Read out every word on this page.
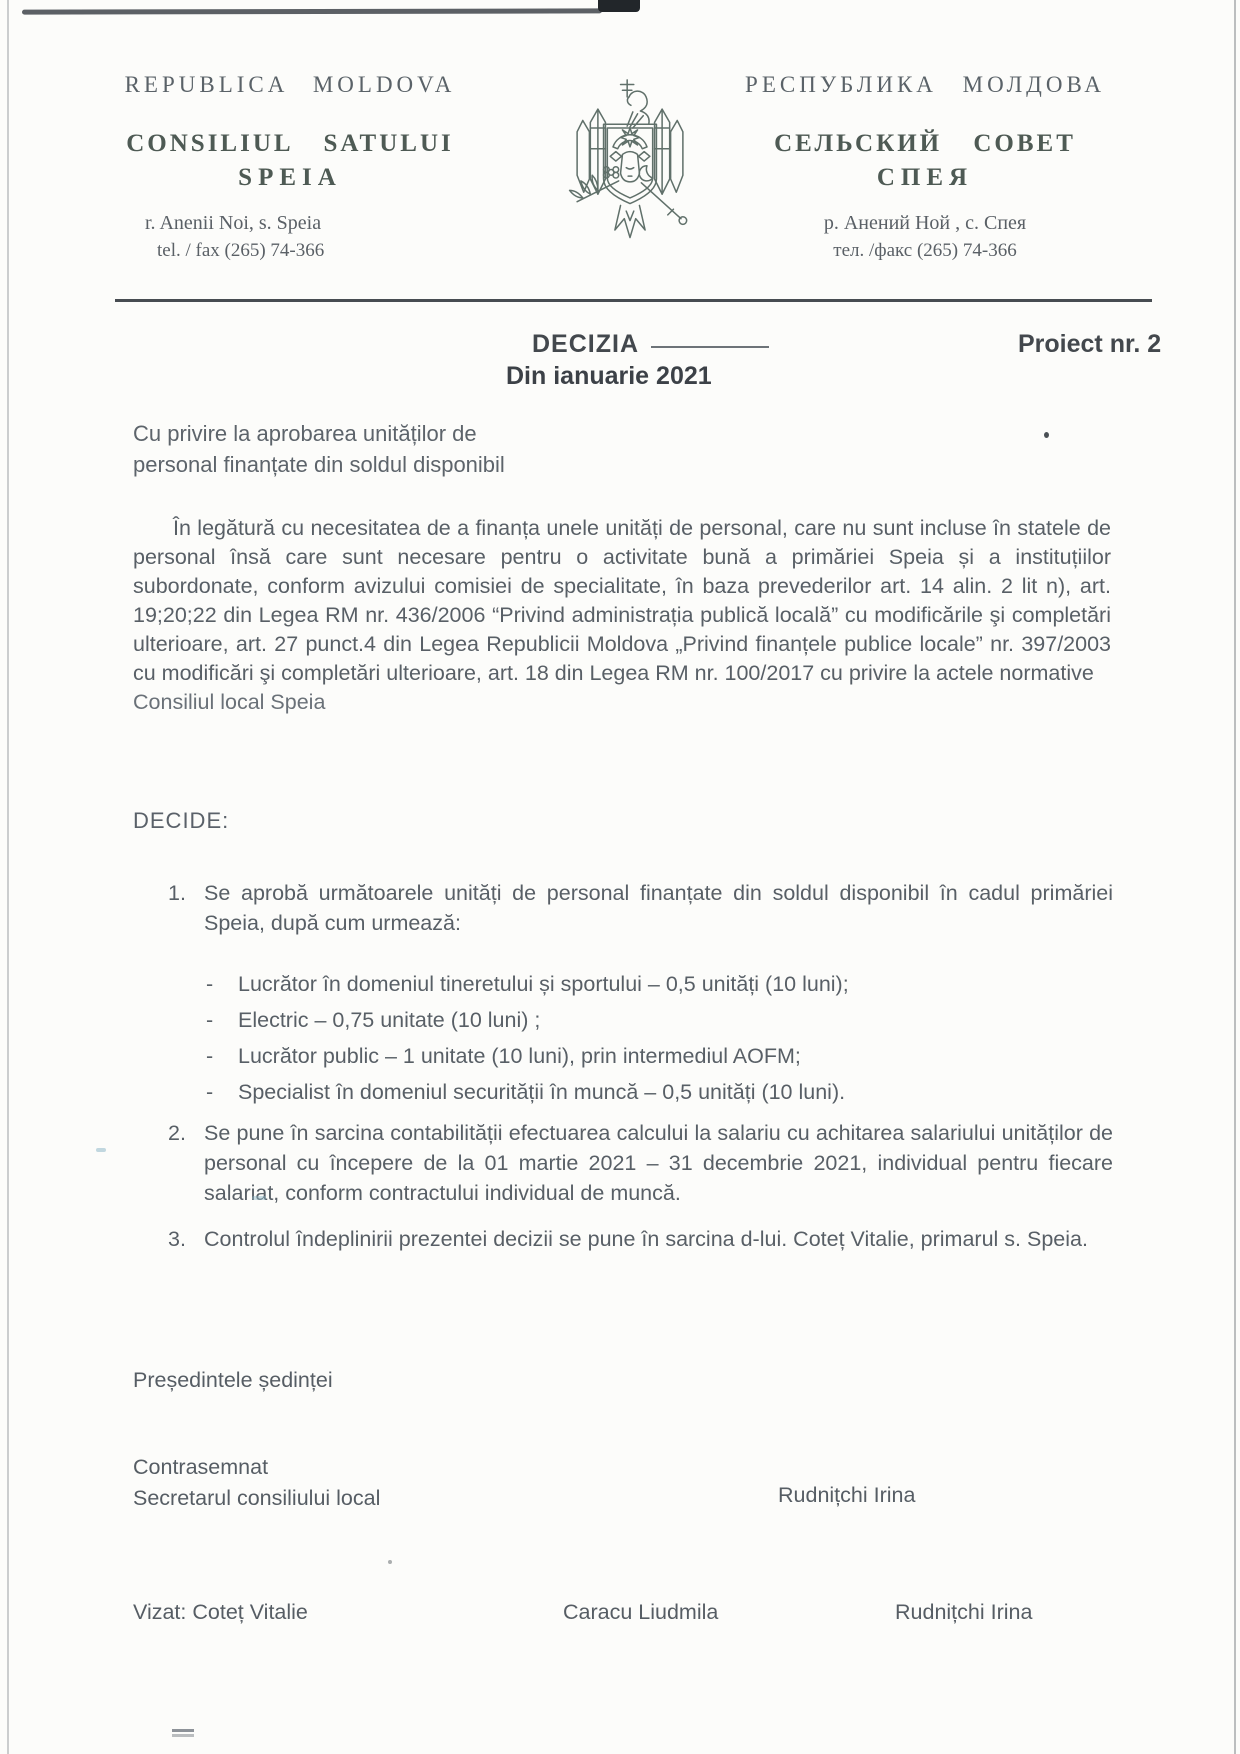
REPUBLICA MOLDOVA
CONSILIUL SATULUI
SPEIA
r. Anenii Noi, s. Speia
tel. / fax (265) 74-366
РЕСПУБЛИКА МОЛДОВА
СЕЛЬСКИЙ СОВЕТ
СПЕЯ
р. Анений Ной , с. Спея
тел. /факс (265) 74-366
DECIZIA
Din ianuarie 2021
Proiect nr. 2
Cu privire la aprobarea unităților de
personal finanțate din soldul disponibil

În legătură cu necesitatea de a finanța unele unități de personal, care nu sunt incluse în statele de personal însă care sunt necesare pentru o activitate bună a primăriei Speia și a instituțiilor subordonate, conform avizului comisiei de specialitate, în baza prevederilor art. 14 alin. 2 lit n), art. 19;20;22 din Legea RM nr. 436/2006 “Privind administrația publică locală” cu modificările şi completări ulterioare, art. 27 punct.4 din Legea Republicii Moldova „Privind finanțele publice locale” nr. 397/2003 cu modificări şi completări ulterioare, art. 18 din Legea RM nr. 100/2017 cu privire la actele normative

Consiliul local Speia
DECIDE:
1. Se aprobă următoarele unități de personal finanțate din soldul disponibil în cadul primăriei Speia, după cum urmează:
-	Lucrător în domeniul tineretului și sportului – 0,5 unități (10 luni);
-	Electric – 0,75 unitate (10 luni) ;
-	Lucrător public – 1 unitate (10 luni), prin intermediul AOFM;
-	Specialist în domeniul securității în muncă – 0,5 unități (10 luni).
2. Se pune în sarcina contabilității efectuarea calcului la salariu cu achitarea salariului unităților de personal cu începere de la 01 martie 2021 – 31 decembrie 2021, individual pentru fiecare salariat, conform contractului individual de muncă.
3. Controlul îndeplinirii prezentei decizii se pune în sarcina d-lui. Coteț Vitalie, primarul s. Speia.
Președintele ședinței
Contrasemnat
Secretarul consiliului local	Rudnițchi Irina
Vizat: Coteț Vitalie	Caracu Liudmila	Rudnițchi Irina
